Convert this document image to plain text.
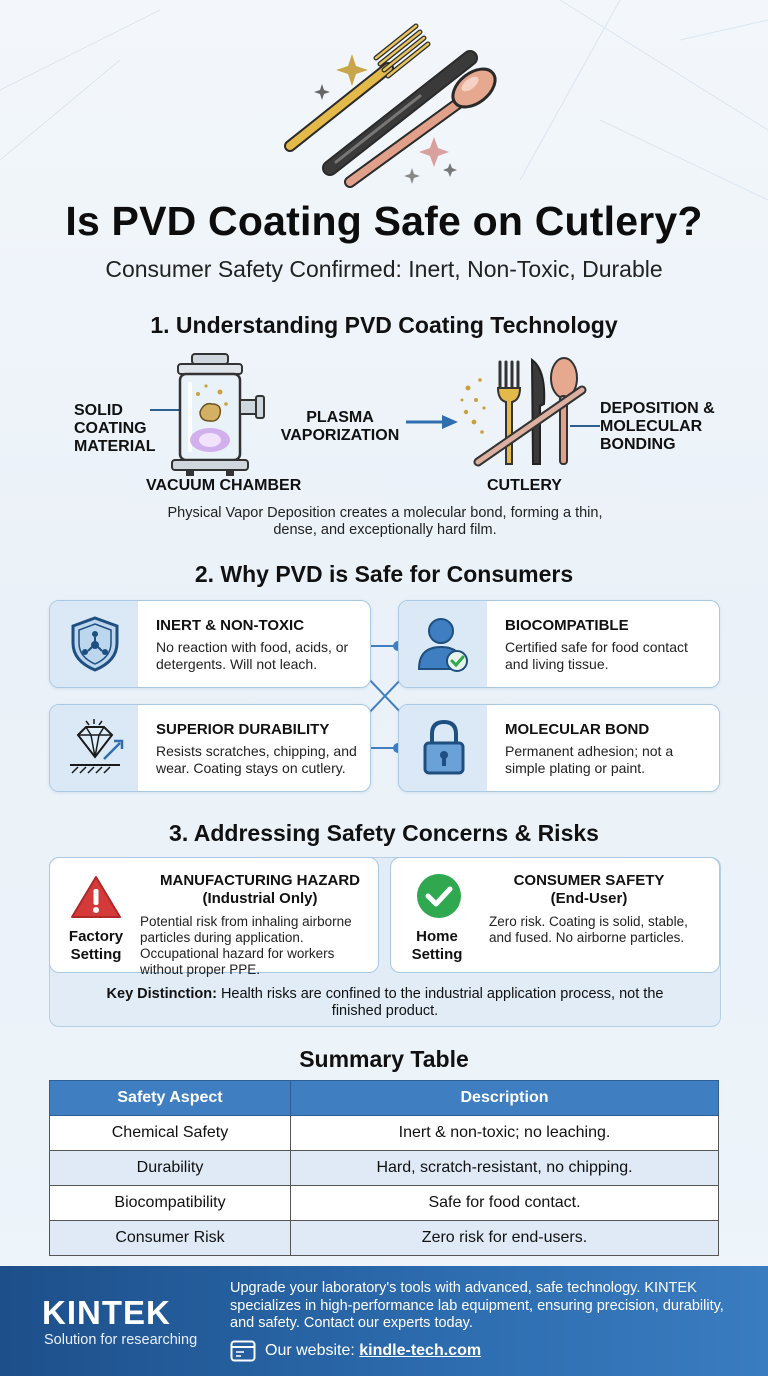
Is PVD Coating Safe on Cutlery?
Consumer Safety Confirmed: Inert, Non-Toxic, Durable
1. Understanding PVD Coating Technology
SOLID
COATING
MATERIAL
VACUUM CHAMBER
PLASMA
VAPORIZATION
CUTLERY
DEPOSITION &
MOLECULAR
BONDING
Physical Vapor Deposition creates a molecular bond, forming a thin, dense, and exceptionally hard film.
2. Why PVD is Safe for Consumers
INERT & NON-TOXIC
No reaction with food, acids, or detergents. Will not leach.
BIOCOMPATIBLE
Certified safe for food contact and living tissue.
SUPERIOR DURABILITY
Resists scratches, chipping, and wear. Coating stays on cutlery.
MOLECULAR BOND
Permanent adhesion; not a simple plating or paint.
3. Addressing Safety Concerns & Risks
MANUFACTURING HAZARD
(Industrial Only)
Factory
Setting
Potential risk from inhaling airborne particles during application. Occupational hazard for workers without proper PPE.
CONSUMER SAFETY
(End-User)
Home
Setting
Zero risk. Coating is solid, stable, and fused. No airborne particles.
Key Distinction: Health risks are confined to the industrial application process, not the finished product.
Summary Table
Safety Aspect	Description
Chemical Safety	Inert & non-toxic; no leaching.
Durability	Hard, scratch-resistant, no chipping.
Biocompatibility	Safe for food contact.
Consumer Risk	Zero risk for end-users.
KINTEK
Solution for researching
Upgrade your laboratory's tools with advanced, safe technology. KINTEK specializes in high-performance lab equipment, ensuring precision, durability, and safety. Contact our experts today.
Our website: kindle-tech.com
